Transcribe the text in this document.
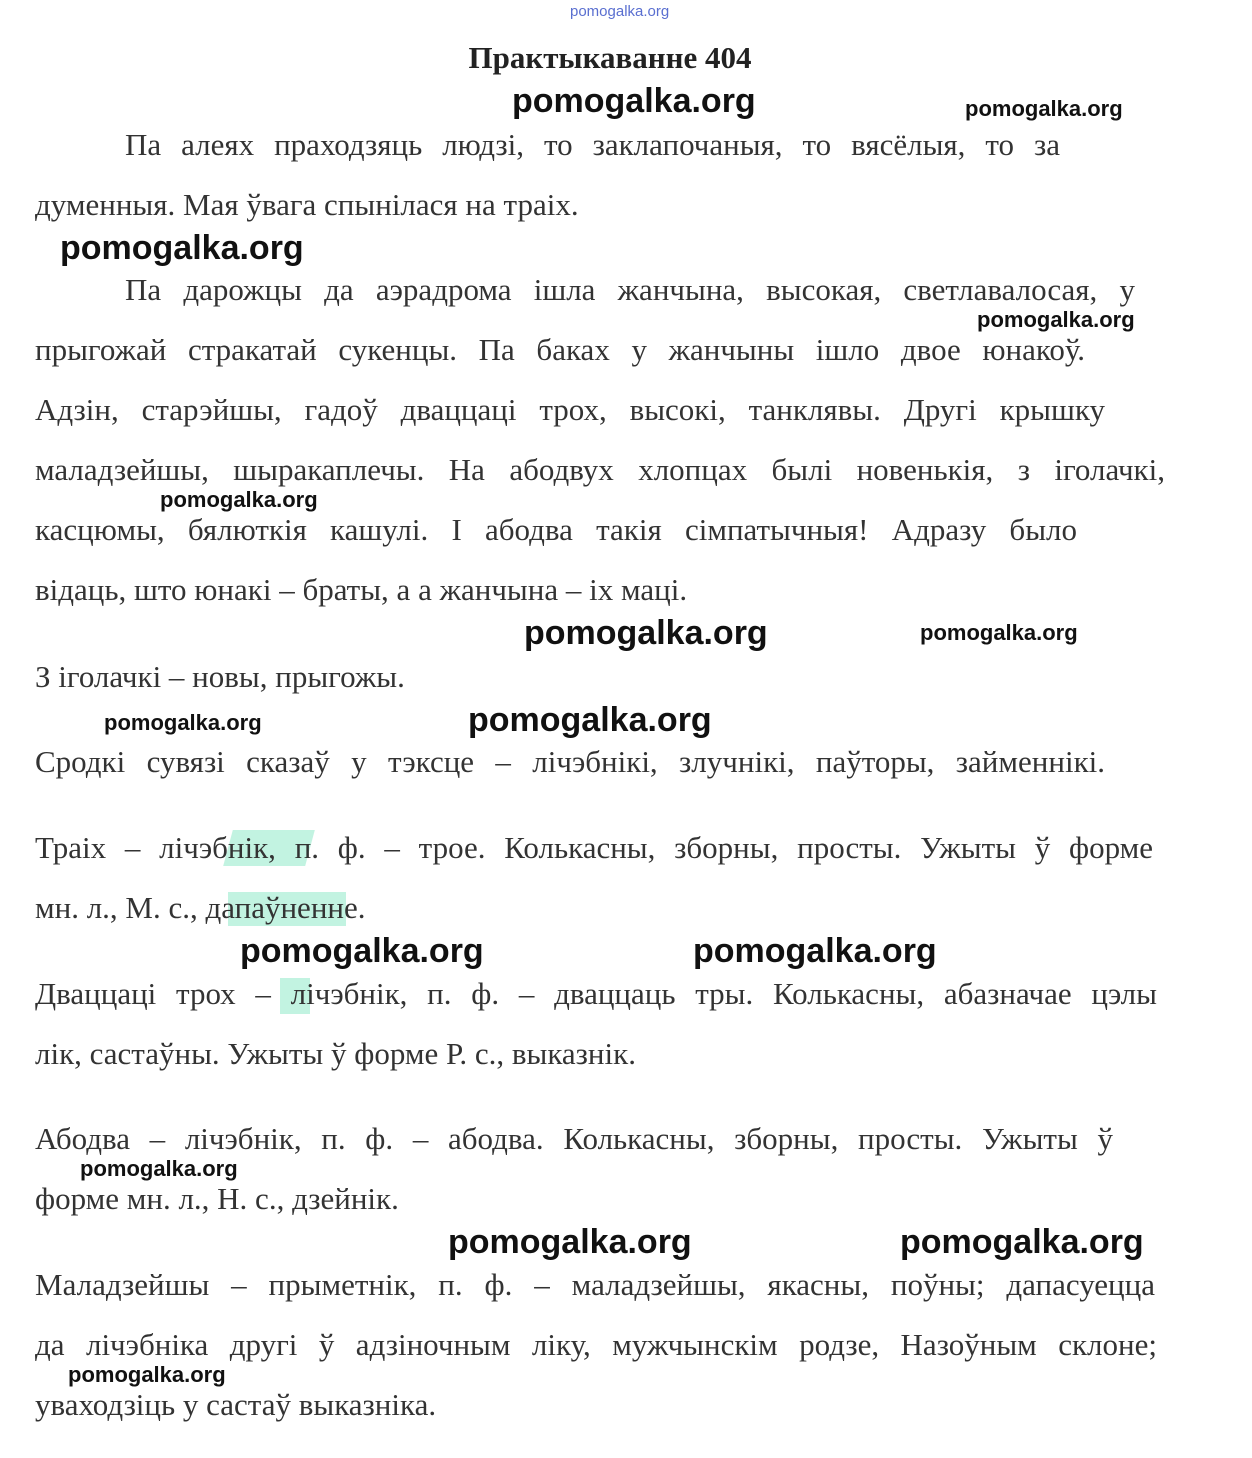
pomogalka.org
Практыкаванне 404
Па алеях праходзяць людзі, то заклапочаныя, то вясёлыя, то за
думенныя. Мая ўвага спынілася на траіх.
Па дарожцы да аэрадрома ішла жанчына, высокая, светлавалосая, у
прыгожай стракатай сукенцы. Па баках у жанчыны ішло двое юнакоў.
Адзін, старэйшы, гадоў дваццаці трох, высокі, танклявы. Другі крышку
маладзейшы, шыракаплечы. На абодвух хлопцах былі новенькія, з іголачкі,
касцюмы, бялюткія кашулі. І абодва такія сімпатычныя! Адразу было
відаць, што юнакі – браты, а а жанчына – іх маці.
З іголачкі – новы, прыгожы.
Сродкі сувязі сказаў у тэксце – лічэбнікі, злучнікі, паўторы, займеннікі.
Траіх – лічэбнік, п. ф. – трое. Колькасны, зборны, просты. Ужыты ў форме
мн. л., М. с., дапаўненне.
Дваццаці трох – лічэбнік, п. ф. – дваццаць тры. Колькасны, абазначае цэлы
лік, састаўны. Ужыты ў форме Р. с., выказнік.
Абодва – лічэбнік, п. ф. – абодва. Колькасны, зборны, просты. Ужыты ў
форме мн. л., Н. с., дзейнік.
Маладзейшы – прыметнік, п. ф. – маладзейшы, якасны, поўны; дапасуецца
да лічэбніка другі ў адзіночным ліку, мужчынскім родзе, Назоўным склоне;
уваходзіць у састаў выказніка.
pomogalka.org	pomogalka.org
pomogalka.org
pomogalka.org
pomogalka.org
pomogalka.org	pomogalka.org
pomogalka.org	pomogalka.org
pomogalka.org	pomogalka.org
pomogalka.org
pomogalka.org	pomogalka.org
pomogalka.org
